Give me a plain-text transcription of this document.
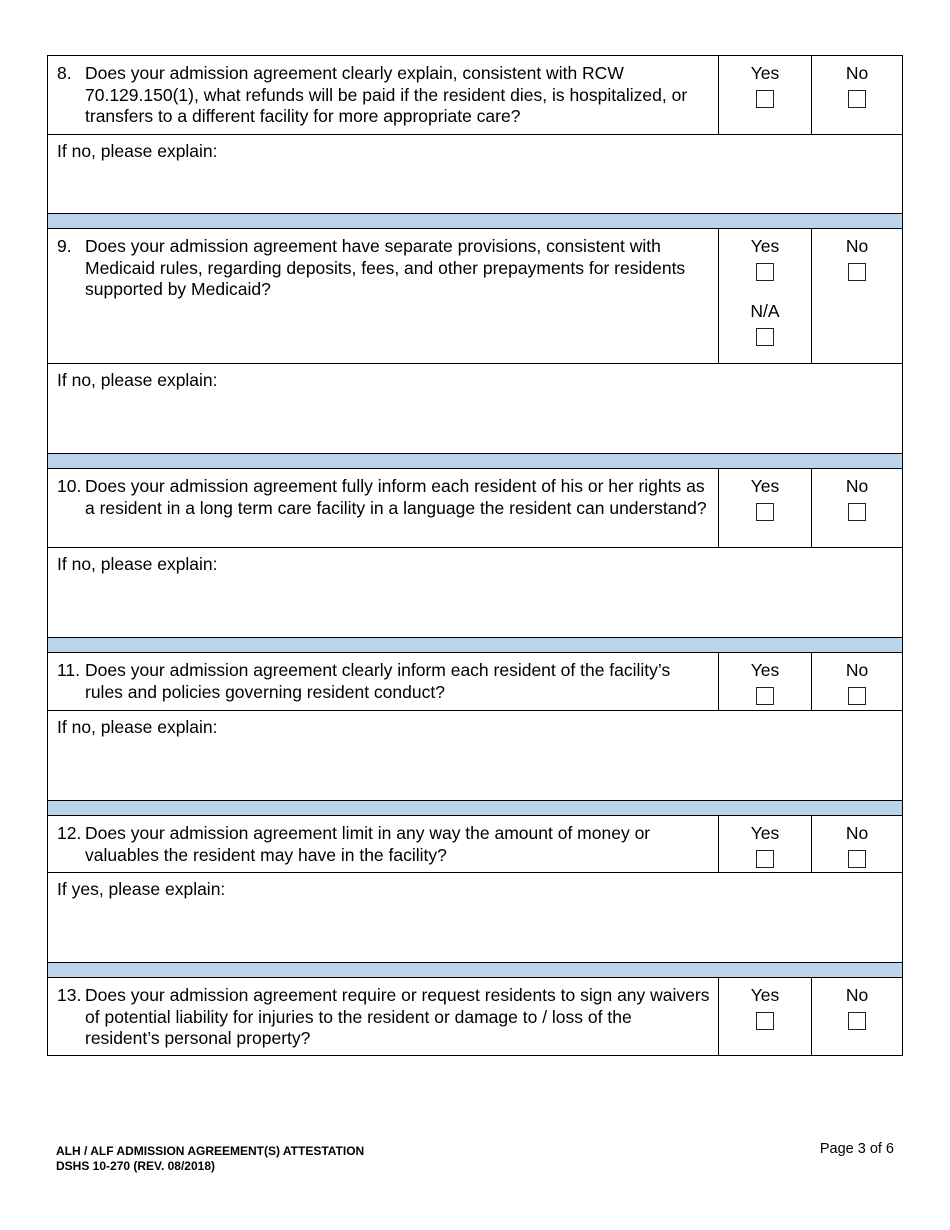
8. Does your admission agreement clearly explain, consistent with RCW 70.129.150(1), what refunds will be paid if the resident dies, is hospitalized, or transfers to a different facility for more appropriate care?
Yes	No
If no, please explain:
9. Does your admission agreement have separate provisions, consistent with Medicaid rules, regarding deposits, fees, and other prepayments for residents supported by Medicaid?
Yes
N/A
No
If no, please explain:
10. Does your admission agreement fully inform each resident of his or her rights as a resident in a long term care facility in a language the resident can understand?
Yes	No
If no, please explain:
11. Does your admission agreement clearly inform each resident of the facility’s rules and policies governing resident conduct?
Yes	No
If no, please explain:
12. Does your admission agreement limit in any way the amount of money or valuables the resident may have in the facility?
Yes	No
If yes, please explain:
13. Does your admission agreement require or request residents to sign any waivers of potential liability for injuries to the resident or damage to / loss of the resident’s personal property?
Yes	No
ALH / ALF ADMISSION AGREEMENT(S) ATTESTATION
DSHS 10-270 (REV. 08/2018)
Page 3 of 6
